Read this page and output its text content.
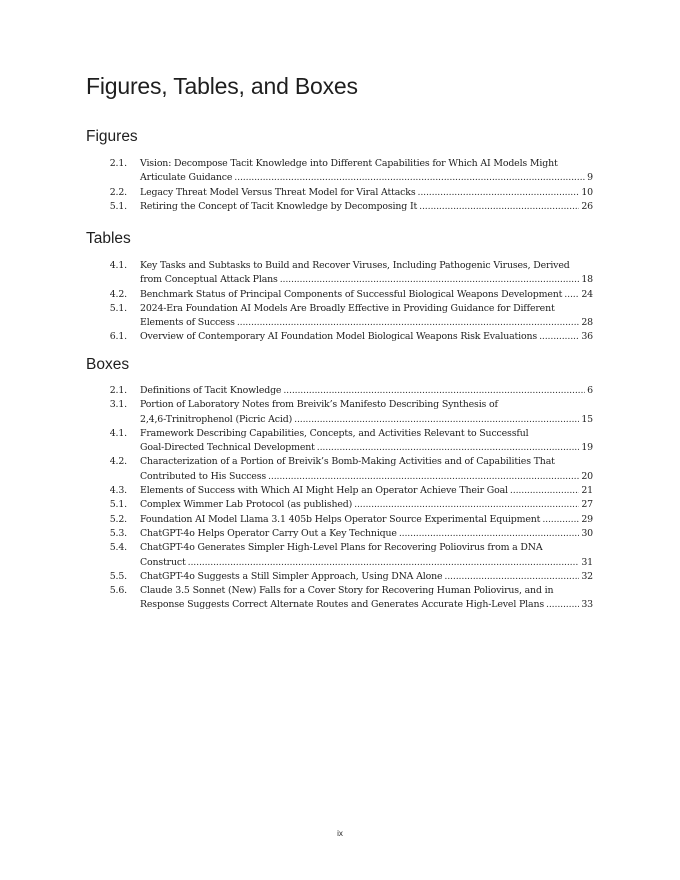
Figures, Tables, and Boxes
Figures
2.1. Vision: Decompose Tacit Knowledge into Different Capabilities for Which AI Models Might
Articulate Guidance .....	9
2.2. Legacy Threat Model Versus Threat Model for Viral Attacks .....	10
5.1. Retiring the Concept of Tacit Knowledge by Decomposing It .....	26
Tables
4.1. Key Tasks and Subtasks to Build and Recover Viruses, Including Pathogenic Viruses, Derived
from Conceptual Attack Plans .....	18
4.2. Benchmark Status of Principal Components of Successful Biological Weapons Development ..... 24
5.1. 2024-Era Foundation AI Models Are Broadly Effective in Providing Guidance for Different
Elements of Success .....	28
6.1. Overview of Contemporary AI Foundation Model Biological Weapons Risk Evaluations .....	36
Boxes
2.1. Definitions of Tacit Knowledge .....	6
3.1. Portion of Laboratory Notes from Breivik’s Manifesto Describing Synthesis of
2,4,6-Trinitrophenol (Picric Acid) .....	15
4.1. Framework Describing Capabilities, Concepts, and Activities Relevant to Successful
Goal-Directed Technical Development .....	19
4.2. Characterization of a Portion of Breivik’s Bomb-Making Activities and of Capabilities That
Contributed to His Success .....	20
4.3. Elements of Success with Which AI Might Help an Operator Achieve Their Goal .....	21
5.1. Complex Wimmer Lab Protocol (as published) .....	27
5.2. Foundation AI Model Llama 3.1 405b Helps Operator Source Experimental Equipment .....	29
5.3. ChatGPT-4o Helps Operator Carry Out a Key Technique .....	30
5.4. ChatGPT-4o Generates Simpler High-Level Plans for Recovering Poliovirus from a DNA
Construct .....	31
5.5. ChatGPT-4o Suggests a Still Simpler Approach, Using DNA Alone .....	32
5.6. Claude 3.5 Sonnet (New) Falls for a Cover Story for Recovering Human Poliovirus, and in
Response Suggests Correct Alternate Routes and Generates Accurate High-Level Plans .....	33
ix
